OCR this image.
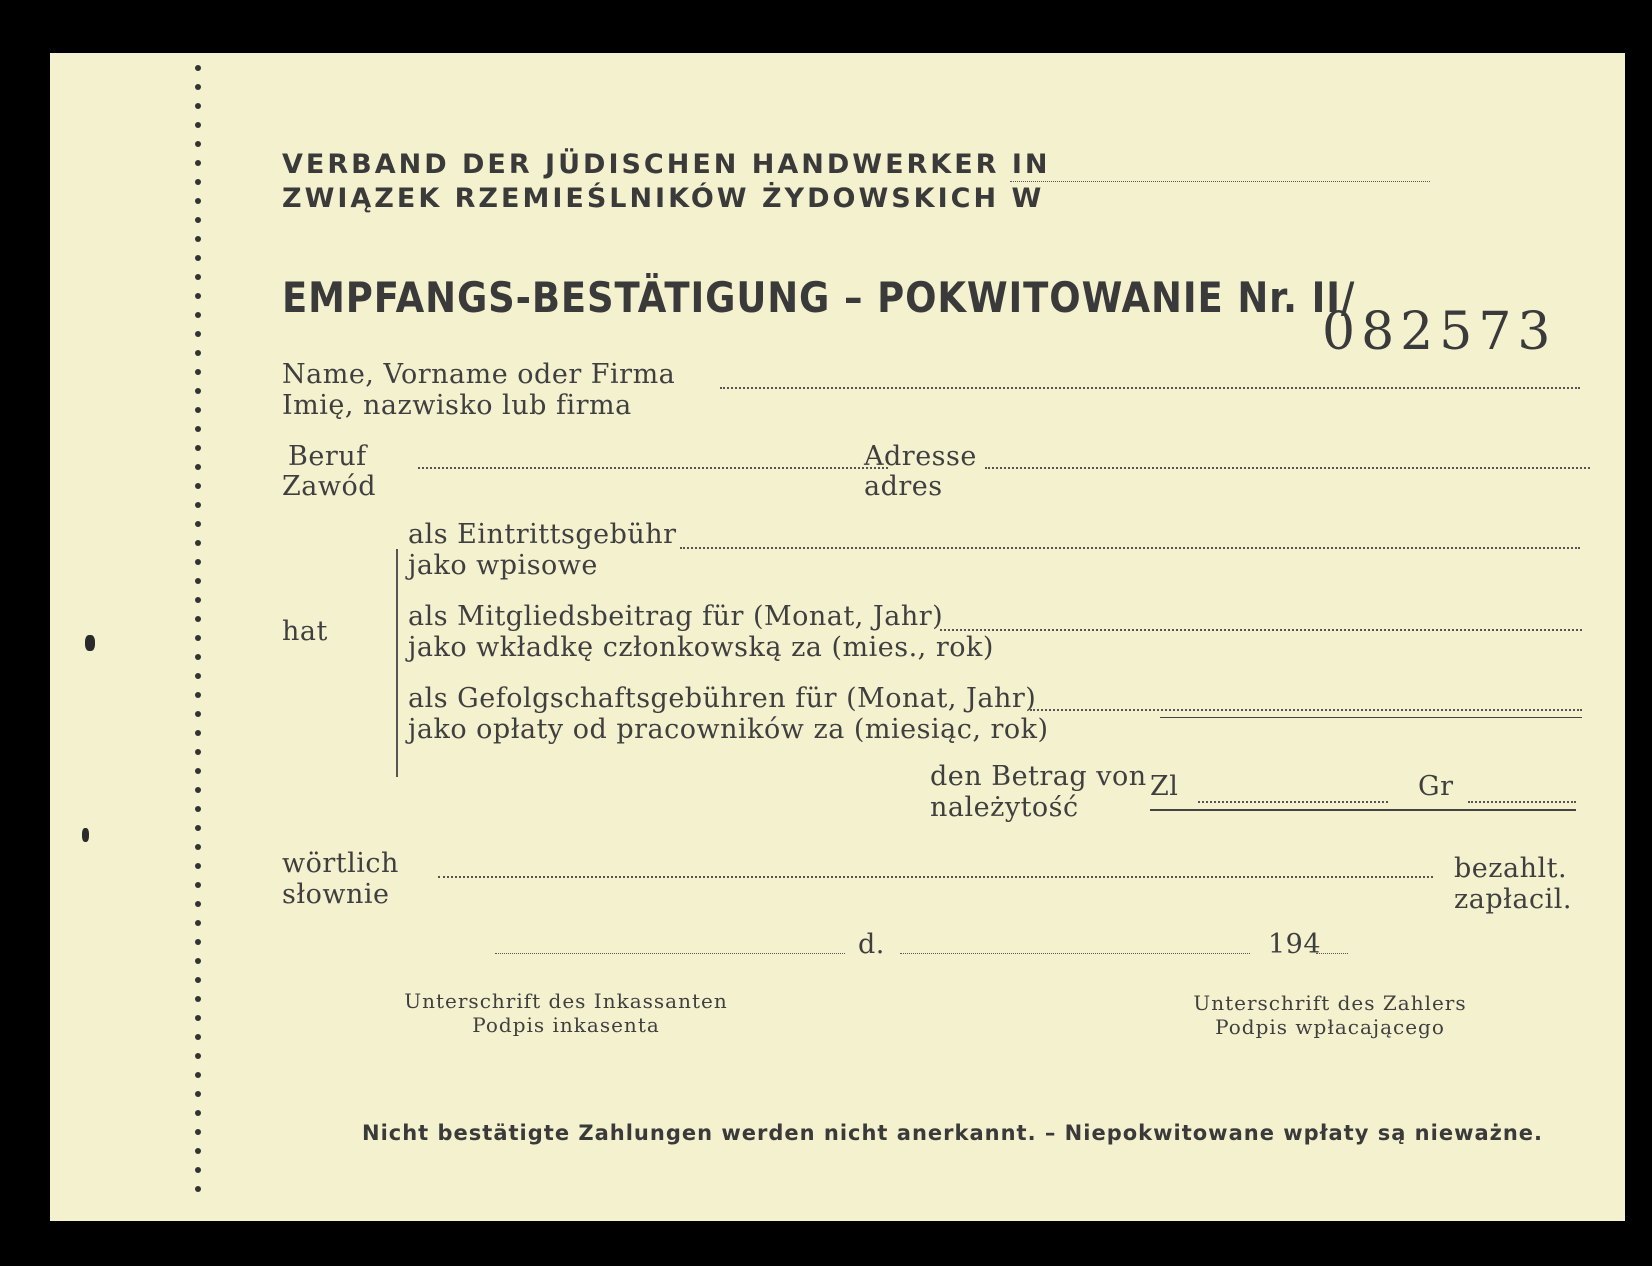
VERBAND DER JÜDISCHEN HANDWERKER IN
ZWIĄZEK RZEMIEŚLNIKÓW ŻYDOWSKICH W
EMPFANGS-BESTÄTIGUNG – POKWITOWANIE Nr. II/
082573
Name, Vorname oder Firma
Imię, nazwisko lub firma
Beruf
Zawód
Adresse
adres
hat
als Eintrittsgebühr
jako wpisowe
als Mitgliedsbeitrag für (Monat, Jahr)
jako wkładkę członkowską za (mies., rok)
als Gefolgschaftsgebühren für (Monat, Jahr)
jako opłaty od pracowników za (miesiąc, rok)
den Betrag von
należytość
Zl	Gr
wörtlich
słownie
bezahlt.
zapłacil.
d.	194
Unterschrift des Inkassanten
Podpis inkasenta
Unterschrift des Zahlers
Podpis wpłacającego
Nicht bestätigte Zahlungen werden nicht anerkannt. – Niepokwitowane wpłaty są nieważne.
